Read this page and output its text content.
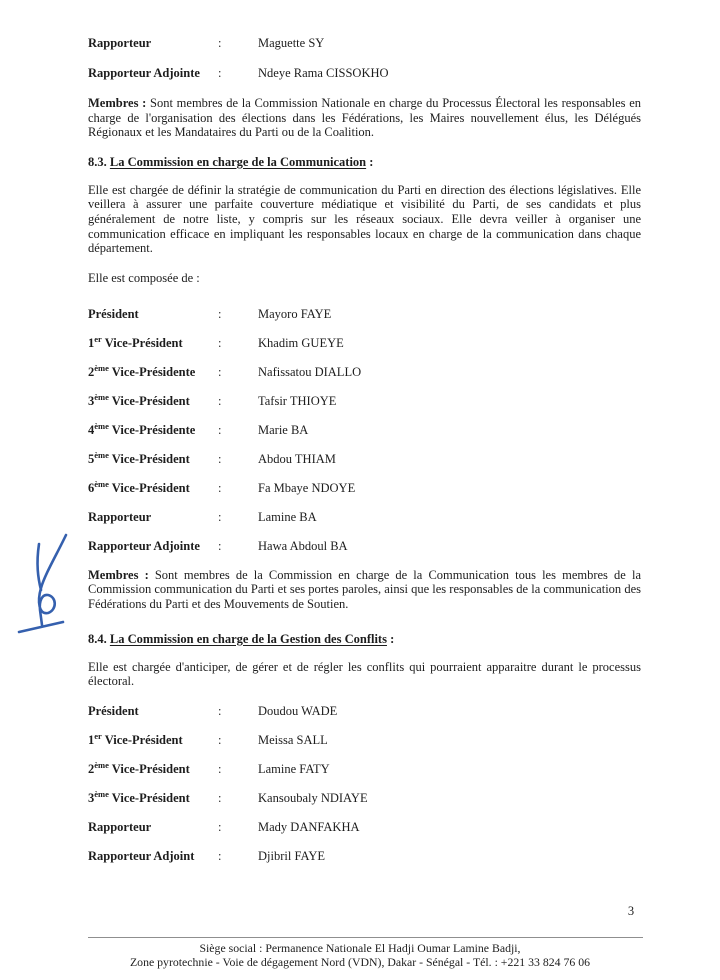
Rapporteur	:	Maguette SY
Rapporteur Adjointe	:	Ndeye Rama CISSOKHO

Membres : Sont membres de la Commission Nationale en charge du Processus Électoral les responsables en charge de l'organisation des élections dans les Fédérations, les Maires nouvellement élus, les Délégués Régionaux et les Mandataires du Parti ou de la Coalition.

8.3. La Commission en charge de la Communication :

Elle est chargée de définir la stratégie de communication du Parti en direction des élections législatives. Elle veillera à assurer une parfaite couverture médiatique et visibilité du Parti, de ses candidats et plus généralement de notre liste, y compris sur les réseaux sociaux. Elle devra veiller à organiser une communication efficace en impliquant les responsables locaux en charge de la communication dans chaque département.

Elle est composée de :

Président	:	Mayoro FAYE
1er Vice-Président	:	Khadim GUEYE
2ème Vice-Présidente	:	Nafissatou DIALLO
3ème Vice-Président	:	Tafsir THIOYE
4ème Vice-Présidente	:	Marie BA
5ème Vice-Président	:	Abdou THIAM
6ème Vice-Président	:	Fa Mbaye NDOYE
Rapporteur	:	Lamine BA
Rapporteur Adjointe	:	Hawa Abdoul BA

Membres : Sont membres de la Commission en charge de la Communication tous les membres de la Commission communication du Parti et ses portes paroles, ainsi que les responsables de la communication des Fédérations du Parti et des Mouvements de Soutien.

8.4. La Commission en charge de la Gestion des Conflits :

Elle est chargée d'anticiper, de gérer et de régler les conflits qui pourraient apparaitre durant le processus électoral.

Président	:	Doudou WADE
1er Vice-Président	:	Meissa SALL
2ème Vice-Président	:	Lamine FATY
3ème Vice-Président	:	Kansoubaly NDIAYE
Rapporteur	:	Mady DANFAKHA
Rapporteur Adjoint	:	Djibril FAYE
3
Siège social : Permanence Nationale El Hadji Oumar Lamine Badji,
Zone pyrotechnie - Voie de dégagement Nord (VDN), Dakar - Sénégal - Tél. : +221 33 824 76 06
